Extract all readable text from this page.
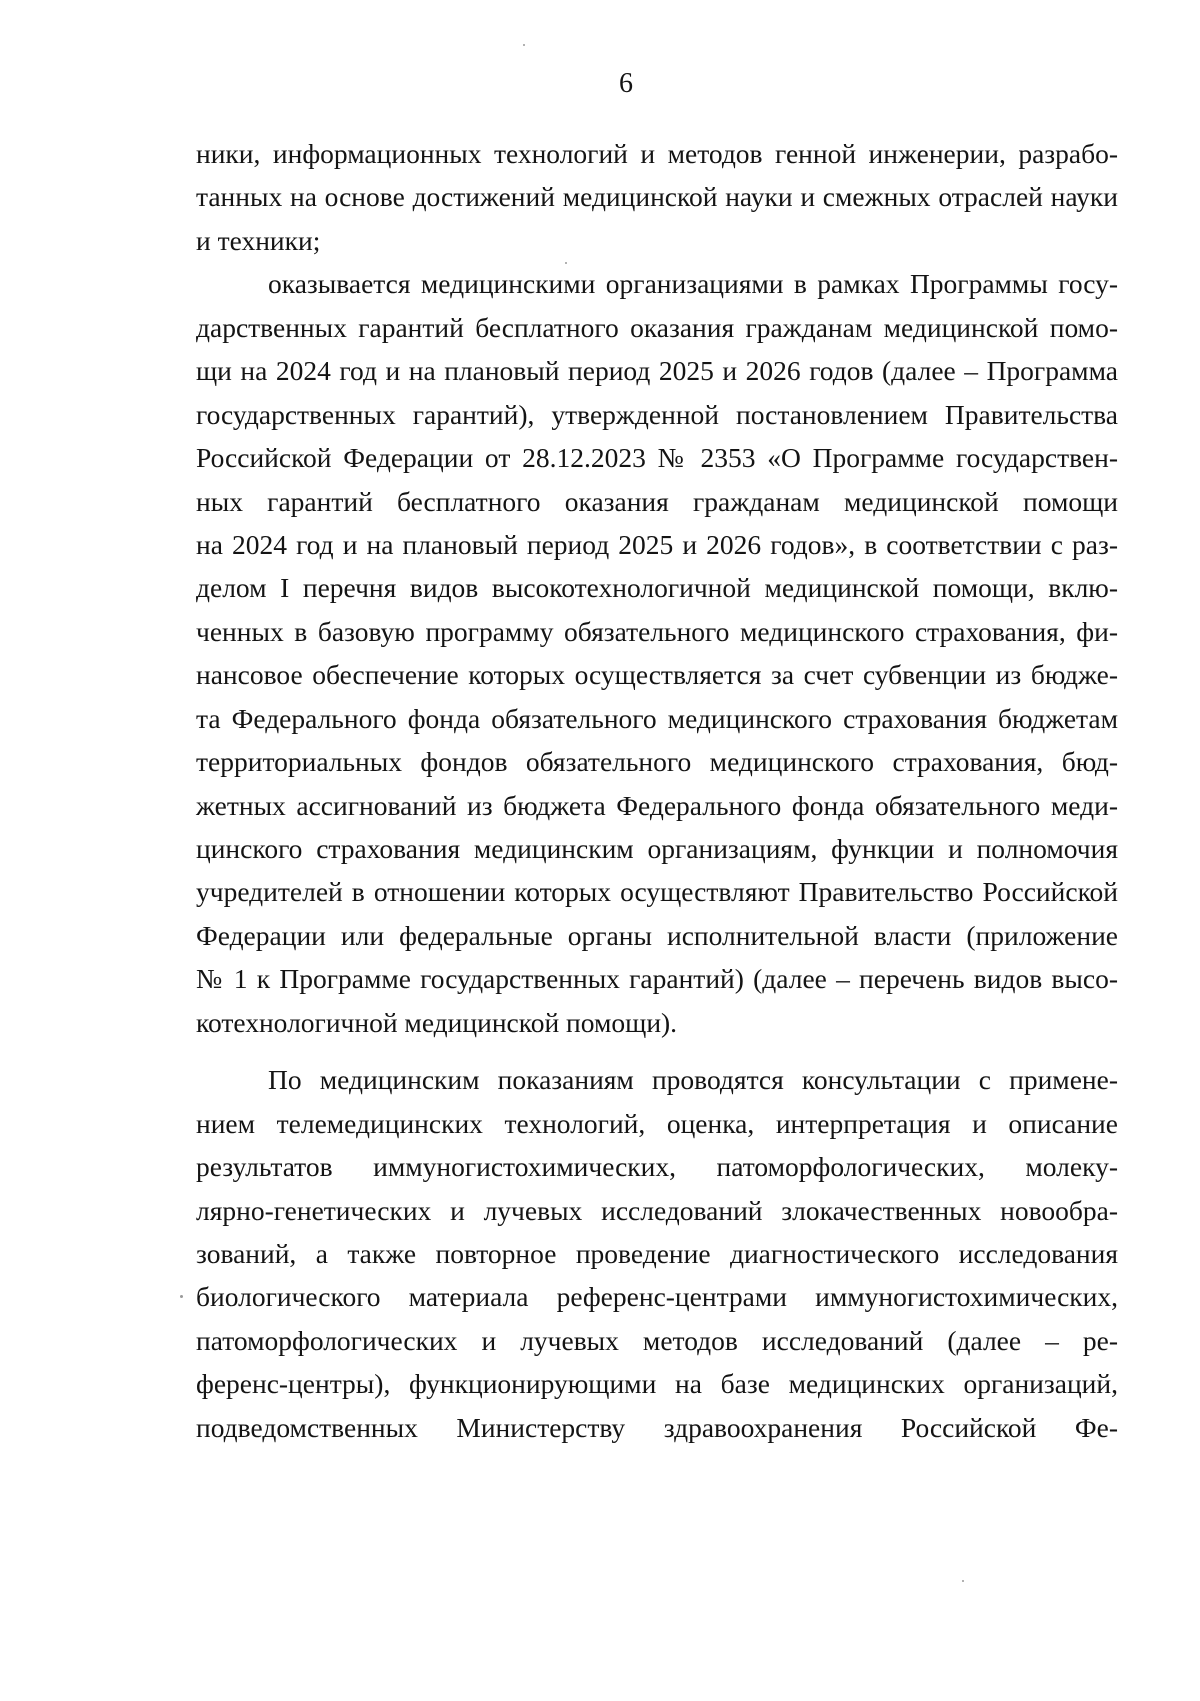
6
ники, информационных технологий и методов генной инженерии, разрабо-
танных на основе достижений медицинской науки и смежных отраслей науки
и техники;
оказывается медицинскими организациями в рамках Программы госу-
дарственных гарантий бесплатного оказания гражданам медицинской помо-
щи на 2024 год и на плановый период 2025 и 2026 годов (далее – Программа
государственных гарантий), утвержденной постановлением Правительства
Российской Федерации от 28.12.2023 № 2353 «О Программе государствен-
ных гарантий бесплатного оказания гражданам медицинской помощи
на 2024 год и на плановый период 2025 и 2026 годов», в соответствии с раз-
делом I перечня видов высокотехнологичной медицинской помощи, вклю-
ченных в базовую программу обязательного медицинского страхования, фи-
нансовое обеспечение которых осуществляется за счет субвенции из бюдже-
та Федерального фонда обязательного медицинского страхования бюджетам
территориальных фондов обязательного медицинского страхования, бюд-
жетных ассигнований из бюджета Федерального фонда обязательного меди-
цинского страхования медицинским организациям, функции и полномочия
учредителей в отношении которых осуществляют Правительство Российской
Федерации или федеральные органы исполнительной власти (приложение
№ 1 к Программе государственных гарантий) (далее – перечень видов высо-
котехнологичной медицинской помощи).
По медицинским показаниям проводятся консультации с примене-
нием телемедицинских технологий, оценка, интерпретация и описание
результатов иммуногистохимических, патоморфологических, молеку-
лярно-генетических и лучевых исследований злокачественных новообра-
зований, а также повторное проведение диагностического исследования
биологического материала референс-центрами иммуногистохимических,
патоморфологических и лучевых методов исследований (далее – ре-
ференс-центры), функционирующими на базе медицинских организаций,
подведомственных Министерству здравоохранения Российской Фе-
